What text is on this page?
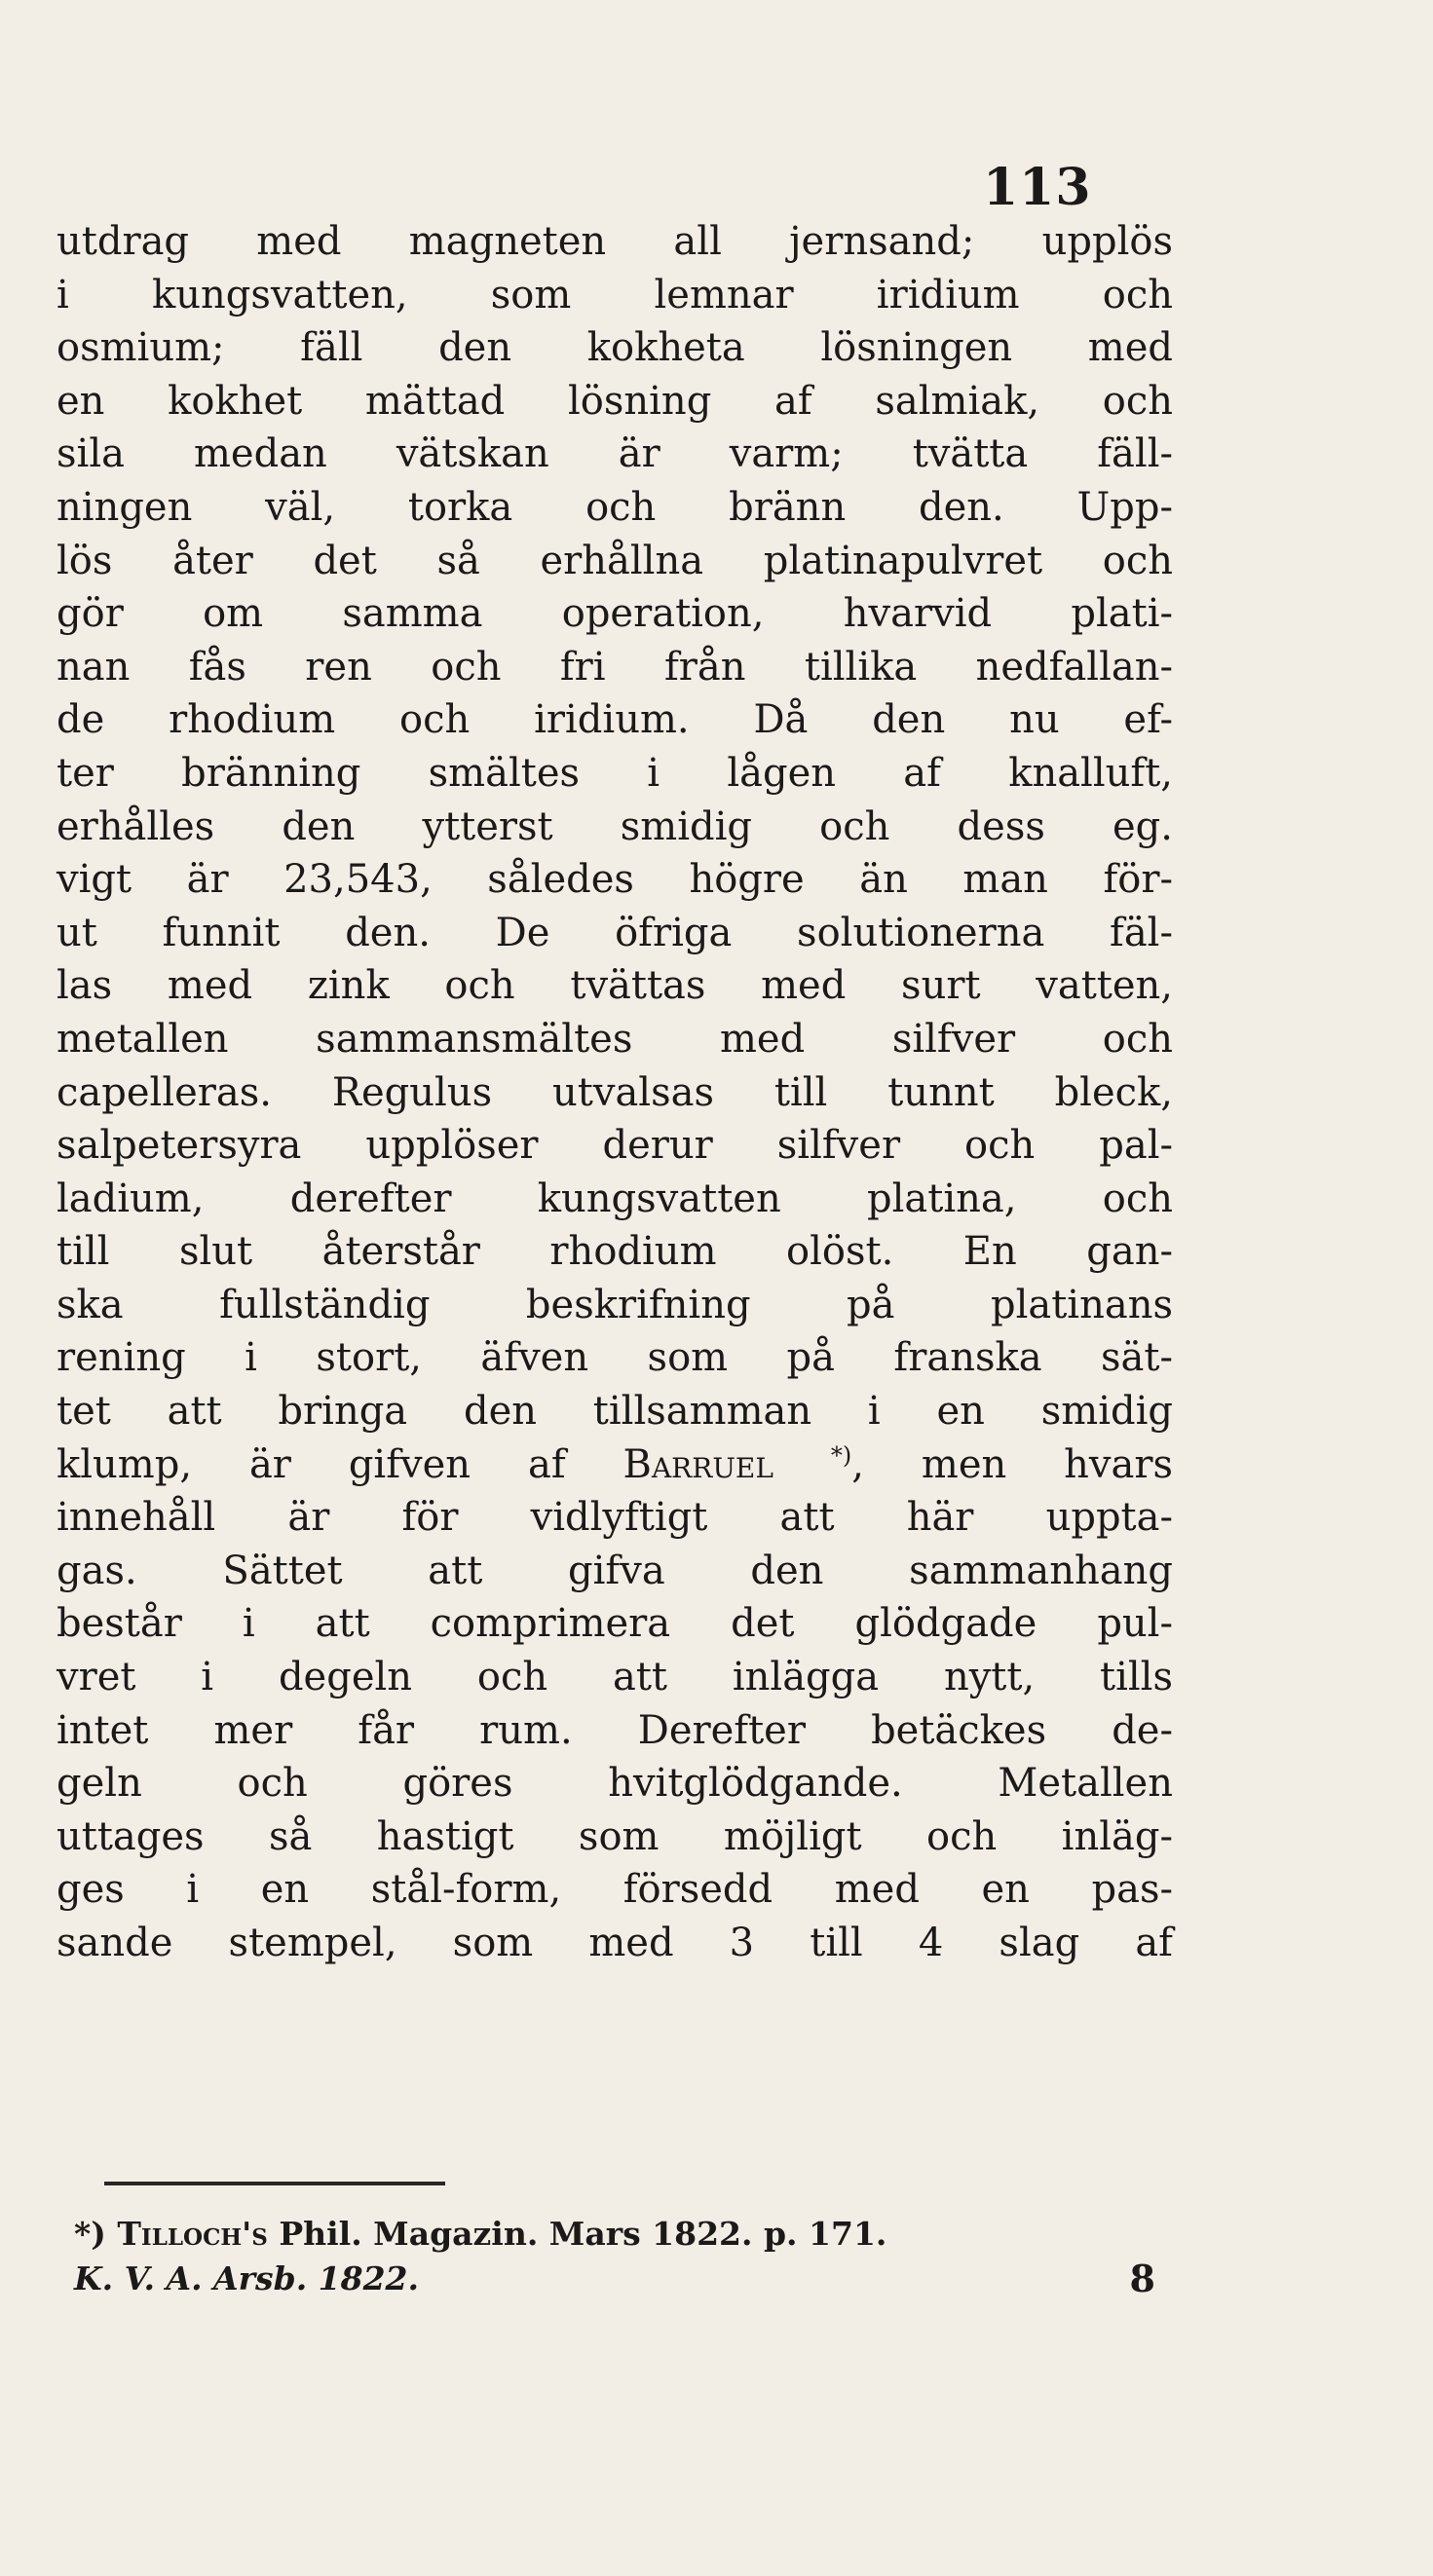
113
utdrag med magneten all jernsand; upplös
i kungsvatten, som lemnar iridium och
osmium; fäll den kokheta lösningen med
en kokhet mättad lösning af salmiak, och
sila medan vätskan är varm; tvätta fäll-
ningen väl, torka och bränn den. Upp-
lös åter det så erhållna platinapulvret och
gör om samma operation, hvarvid plati-
nan fås ren och fri från tillika nedfallan-
de rhodium och iridium. Då den nu ef-
ter bränning smältes i lågen af knalluft,
erhålles den ytterst smidig och dess eg.
vigt är 23,543, således högre än man för-
ut funnit den. De öfriga solutionerna fäl-
las med zink och tvättas med surt vatten,
metallen sammansmältes med silfver och
capelleras. Regulus utvalsas till tunnt bleck,
salpetersyra upplöser derur silfver och pal-
ladium, derefter kungsvatten platina, och
till slut återstår rhodium olöst. En gan-
ska fullständig beskrifning på platinans
rening i stort, äfven som på franska sät-
tet att bringa den tillsamman i en smidig
klump, är gifven af Barruel *), men hvars
innehåll är för vidlyftigt att här uppta-
gas. Sättet att gifva den sammanhang
består i att comprimera det glödgade pul-
vret i degeln och att inlägga nytt, tills
intet mer får rum. Derefter betäckes de-
geln och göres hvitglödgande. Metallen
uttages så hastigt som möjligt och inläg-
ges i en stål-form, försedd med en pas-
sande stempel, som med 3 till 4 slag af
*) Tilloch's Phil. Magazin. Mars 1822. p. 171.
K. V. A. Arsb. 1822.	8
